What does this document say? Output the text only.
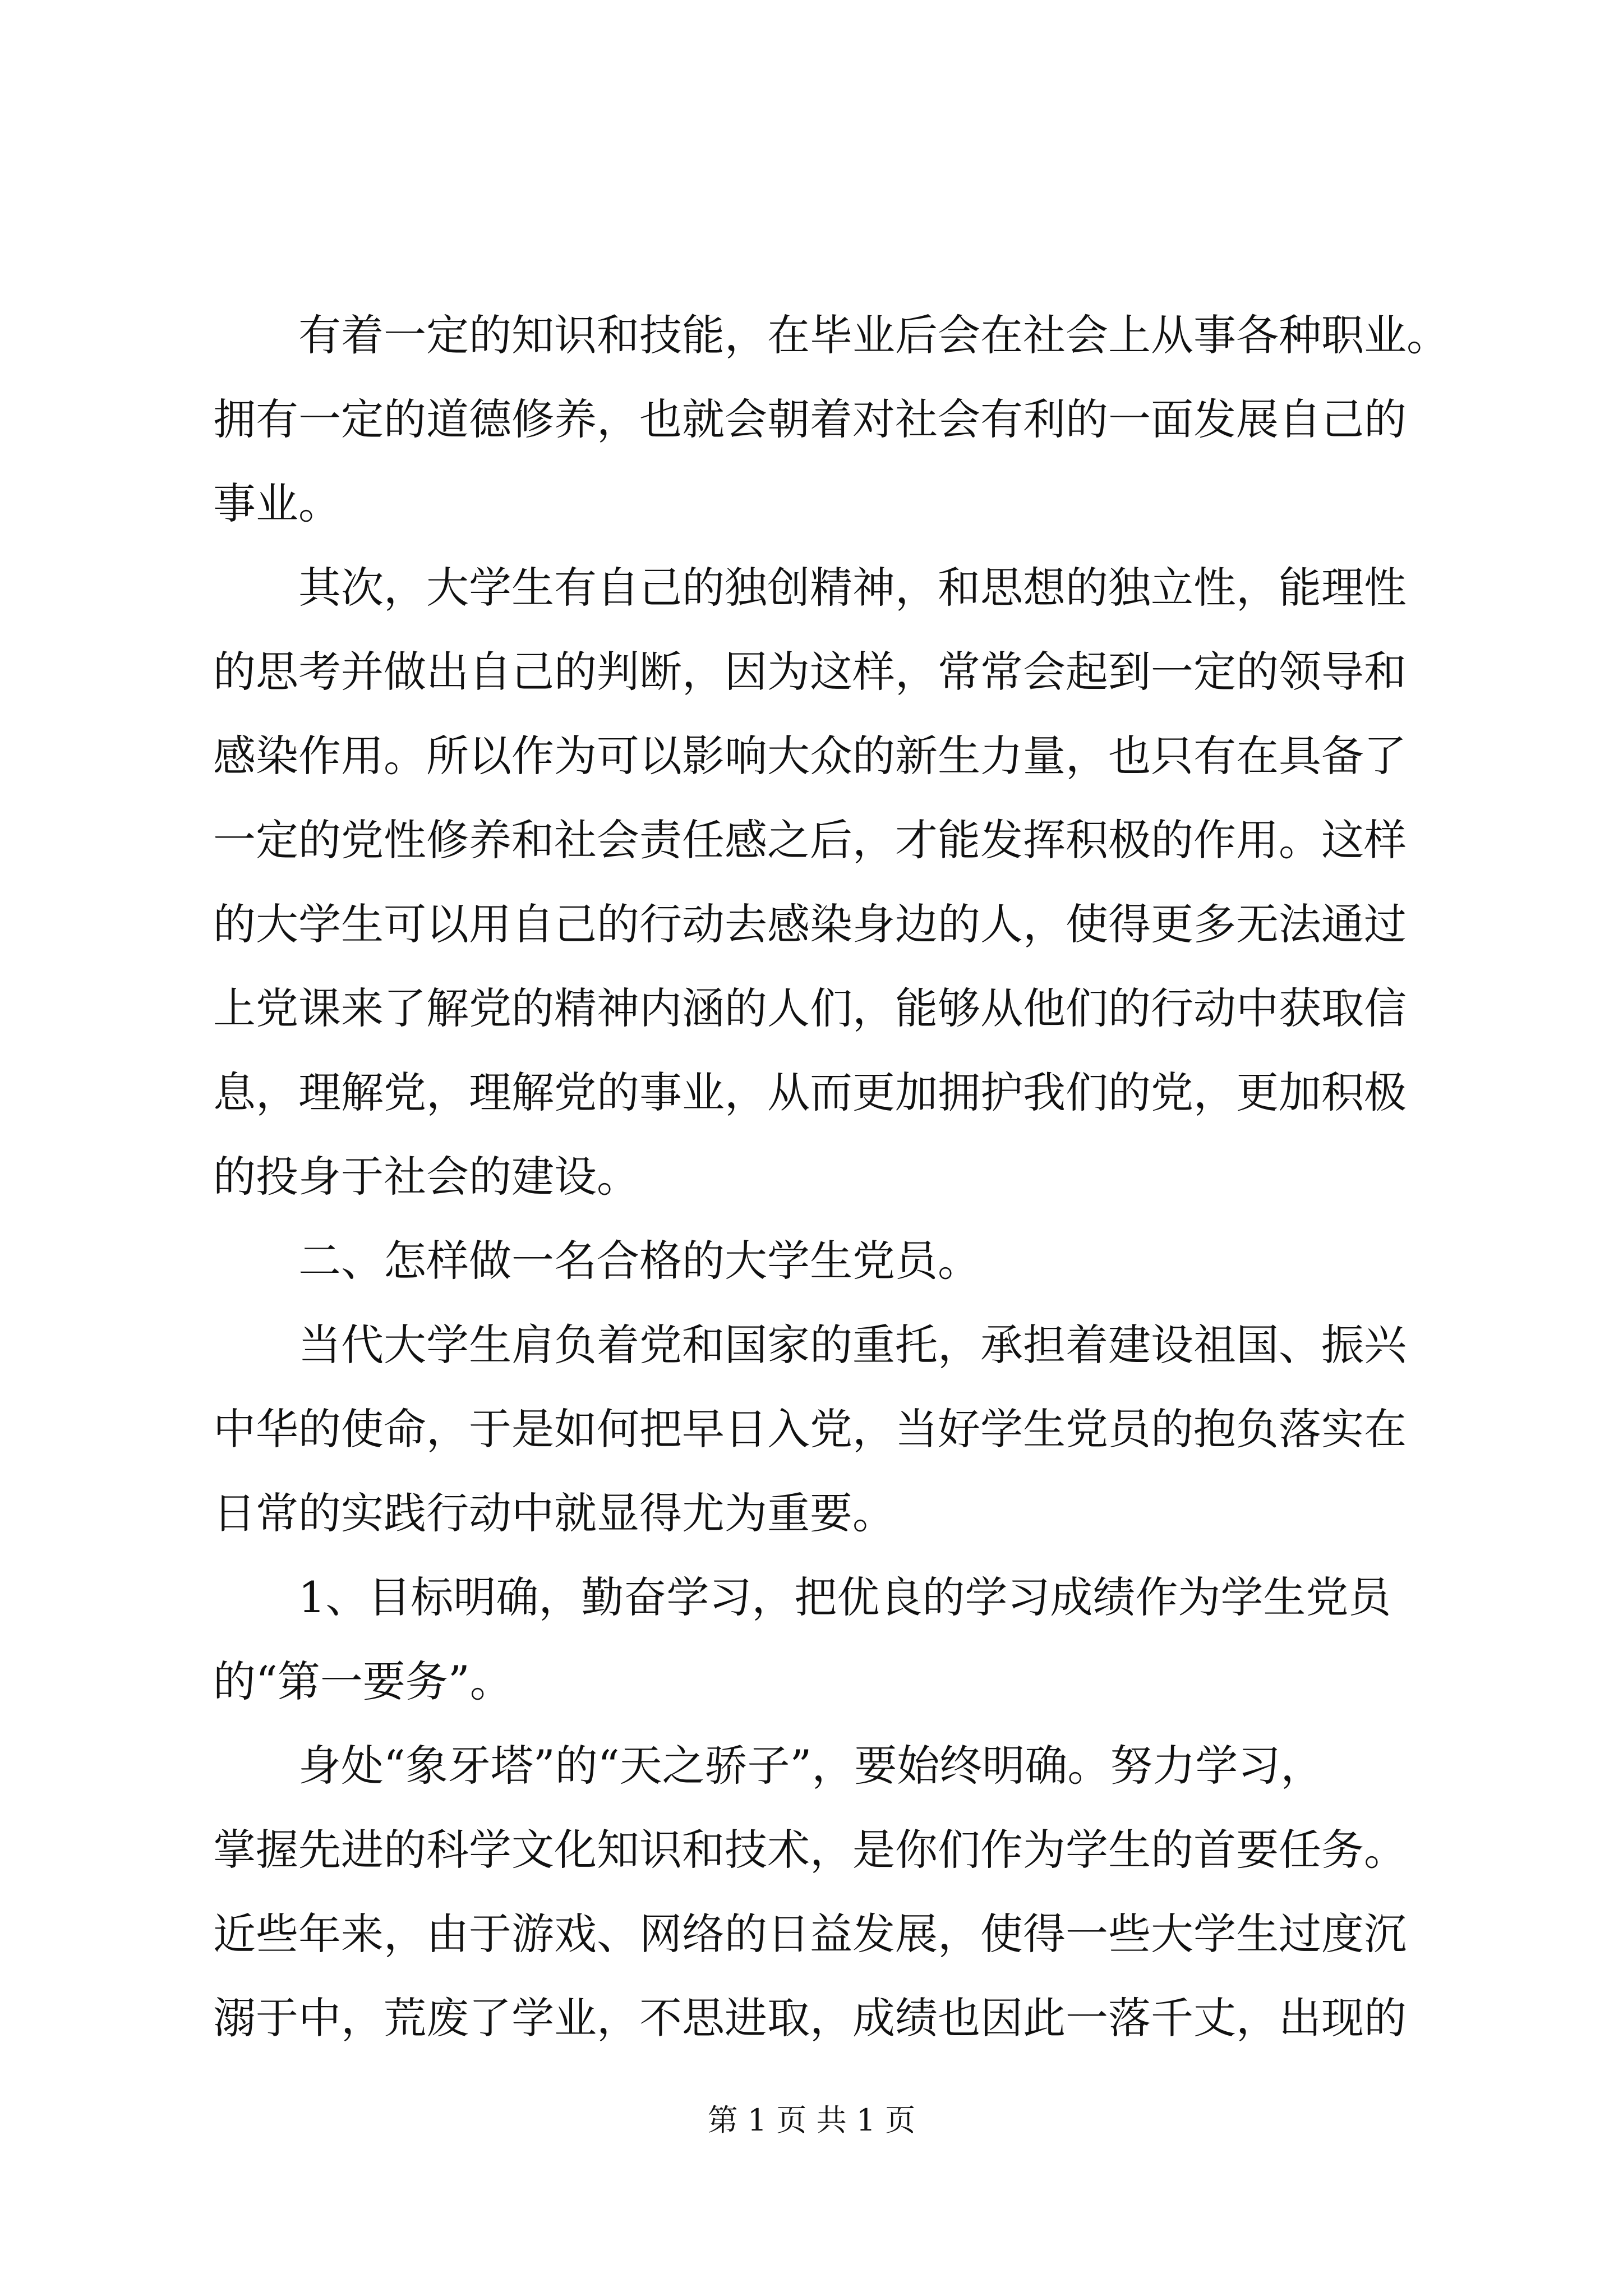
有着一定的知识和技能，在毕业后会在社会上从事各种职业。
拥有一定的道德修养，也就会朝着对社会有利的一面发展自己的
事业。
其次，大学生有自己的独创精神，和思想的独立性，能理性
的思考并做出自己的判断，因为这样，常常会起到一定的领导和
感染作用。所以作为可以影响大众的新生力量，也只有在具备了
一定的党性修养和社会责任感之后，才能发挥积极的作用。这样
的大学生可以用自己的行动去感染身边的人，使得更多无法通过
上党课来了解党的精神内涵的人们，能够从他们的行动中获取信
息，理解党，理解党的事业，从而更加拥护我们的党，更加积极
的投身于社会的建设。
二、怎样做一名合格的大学生党员。
当代大学生肩负着党和国家的重托，承担着建设祖国、振兴
中华的使命，于是如何把早日入党，当好学生党员的抱负落实在
日常的实践行动中就显得尤为重要。
1、目标明确，勤奋学习，把优良的学习成绩作为学生党员
的“第一要务”。
身处“象牙塔”的“天之骄子”，要始终明确。努力学习，
掌握先进的科学文化知识和技术，是你们作为学生的首要任务。
近些年来，由于游戏、网络的日益发展，使得一些大学生过度沉
溺于中，荒废了学业，不思进取，成绩也因此一落千丈，出现的
第 1 页 共 1 页
